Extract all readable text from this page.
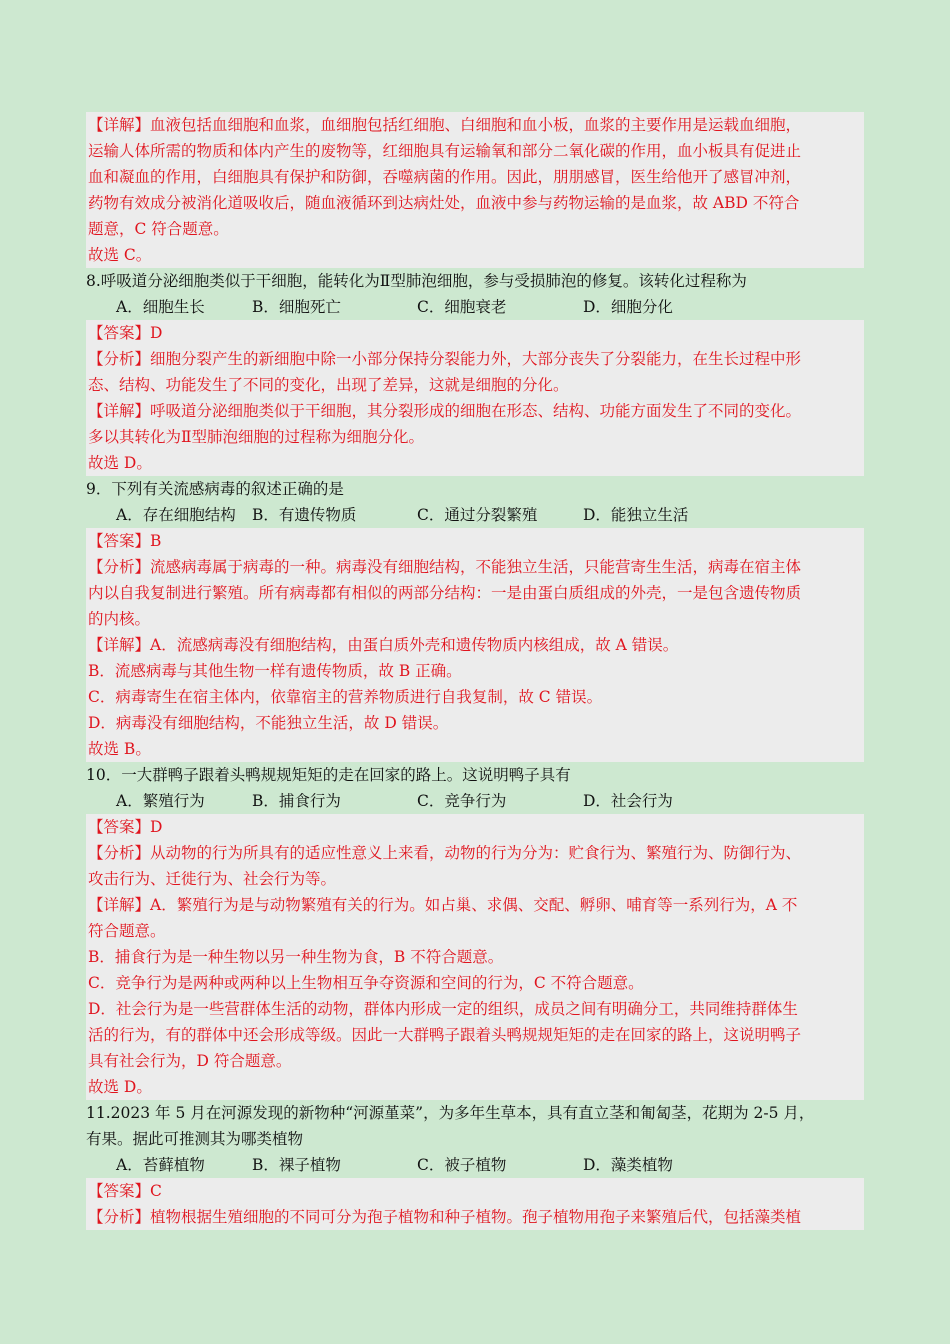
【详解】血液包括血细胞和血浆，血细胞包括红细胞、白细胞和血小板，血浆的主要作用是运载血细胞，
运输人体所需的物质和体内产生的废物等，红细胞具有运输氧和部分二氧化碳的作用，血小板具有促进止
血和凝血的作用，白细胞具有保护和防御，吞噬病菌的作用。因此，朋朋感冒，医生给他开了感冒冲剂，
药物有效成分被消化道吸收后，随血液循环到达病灶处，血液中参与药物运输的是血浆，故 ABD 不符合
题意，C 符合题意。
故选 C。
8.呼吸道分泌细胞类似于干细胞，能转化为Ⅱ型肺泡细胞，参与受损肺泡的修复。该转化过程称为
A．细胞生长	B．细胞死亡	C．细胞衰老	D．细胞分化
【答案】D
【分析】细胞分裂产生的新细胞中除一小部分保持分裂能力外，大部分丧失了分裂能力，在生长过程中形
态、结构、功能发生了不同的变化，出现了差异，这就是细胞的分化。
【详解】呼吸道分泌细胞类似于干细胞，其分裂形成的细胞在形态、结构、功能方面发生了不同的变化。
多以其转化为Ⅱ型肺泡细胞的过程称为细胞分化。
故选 D。
9．下列有关流感病毒的叙述正确的是
A．存在细胞结构 B．有遗传物质	C．通过分裂繁殖	D．能独立生活
【答案】B
【分析】流感病毒属于病毒的一种。病毒没有细胞结构，不能独立生活，只能营寄生生活，病毒在宿主体
内以自我复制进行繁殖。所有病毒都有相似的两部分结构：一是由蛋白质组成的外壳，一是包含遗传物质
的内核。
【详解】A．流感病毒没有细胞结构，由蛋白质外壳和遗传物质内核组成，故 A 错误。
B．流感病毒与其他生物一样有遗传物质，故 B 正确。
C．病毒寄生在宿主体内，依靠宿主的营养物质进行自我复制，故 C 错误。
D．病毒没有细胞结构，不能独立生活，故 D 错误。
故选 B。
10．一大群鸭子跟着头鸭规规矩矩的走在回家的路上。这说明鸭子具有
A．繁殖行为	B．捕食行为	C．竞争行为	D．社会行为
【答案】D
【分析】从动物的行为所具有的适应性意义上来看，动物的行为分为：贮食行为、繁殖行为、防御行为、
攻击行为、迁徙行为、社会行为等。
【详解】A．繁殖行为是与动物繁殖有关的行为。如占巢、求偶、交配、孵卵、哺育等一系列行为，A 不
符合题意。
B．捕食行为是一种生物以另一种生物为食，B 不符合题意。
C．竞争行为是两种或两种以上生物相互争夺资源和空间的行为，C 不符合题意。
D．社会行为是一些营群体生活的动物，群体内形成一定的组织，成员之间有明确分工，共同维持群体生
活的行为，有的群体中还会形成等级。因此一大群鸭子跟着头鸭规规矩矩的走在回家的路上，这说明鸭子
具有社会行为，D 符合题意。
故选 D。
11.2023 年 5 月在河源发现的新物种“河源堇菜”，为多年生草本，具有直立茎和匍匐茎，花期为 2-5 月，
有果。据此可推测其为哪类植物
A．苔藓植物	B．裸子植物	C．被子植物	D．藻类植物
【答案】C
【分析】植物根据生殖细胞的不同可分为孢子植物和种子植物。孢子植物用孢子来繁殖后代，包括藻类植
